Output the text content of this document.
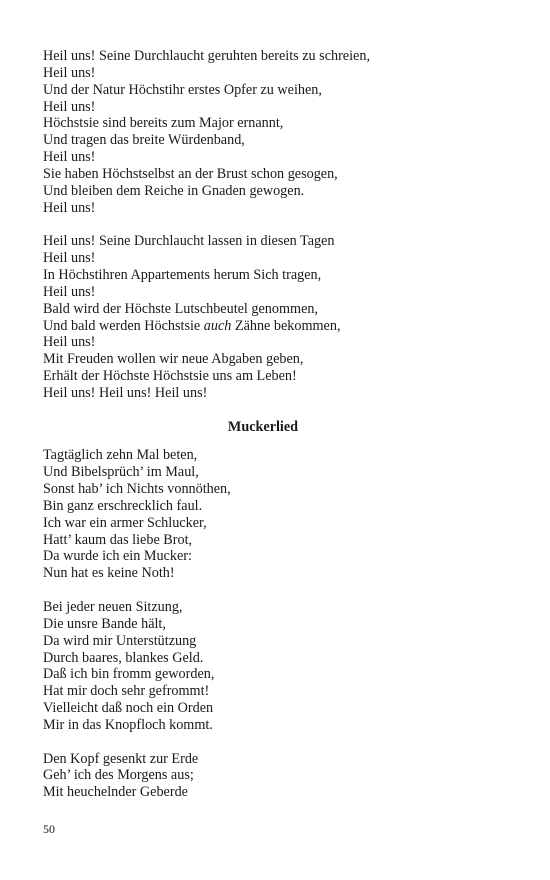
Heil uns! Seine Durchlaucht geruhten bereits zu schreien,
Heil uns!
Und der Natur Höchstihr erstes Opfer zu weihen,
Heil uns!
Höchstsie sind bereits zum Major ernannt,
Und tragen das breite Würdenband,
Heil uns!
Sie haben Höchstselbst an der Brust schon gesogen,
Und bleiben dem Reiche in Gnaden gewogen.
Heil uns!
Heil uns! Seine Durchlaucht lassen in diesen Tagen
Heil uns!
In Höchstihren Appartements herum Sich tragen,
Heil uns!
Bald wird der Höchste Lutschbeutel genommen,
Und bald werden Höchstsie auch Zähne bekommen,
Heil uns!
Mit Freuden wollen wir neue Abgaben geben,
Erhält der Höchste Höchstsie uns am Leben!
Heil uns! Heil uns! Heil uns!
Muckerlied
Tagtäglich zehn Mal beten,
Und Bibelsprüch’ im Maul,
Sonst hab’ ich Nichts vonnöthen,
Bin ganz erschrecklich faul.
Ich war ein armer Schlucker,
Hatt’ kaum das liebe Brot,
Da wurde ich ein Mucker:
Nun hat es keine Noth!
Bei jeder neuen Sitzung,
Die unsre Bande hält,
Da wird mir Unterstützung
Durch baares, blankes Geld.
Daß ich bin fromm geworden,
Hat mir doch sehr gefrommt!
Vielleicht daß noch ein Orden
Mir in das Knopfloch kommt.
Den Kopf gesenkt zur Erde
Geh’ ich des Morgens aus;
Mit heuchelnder Geberde
50
